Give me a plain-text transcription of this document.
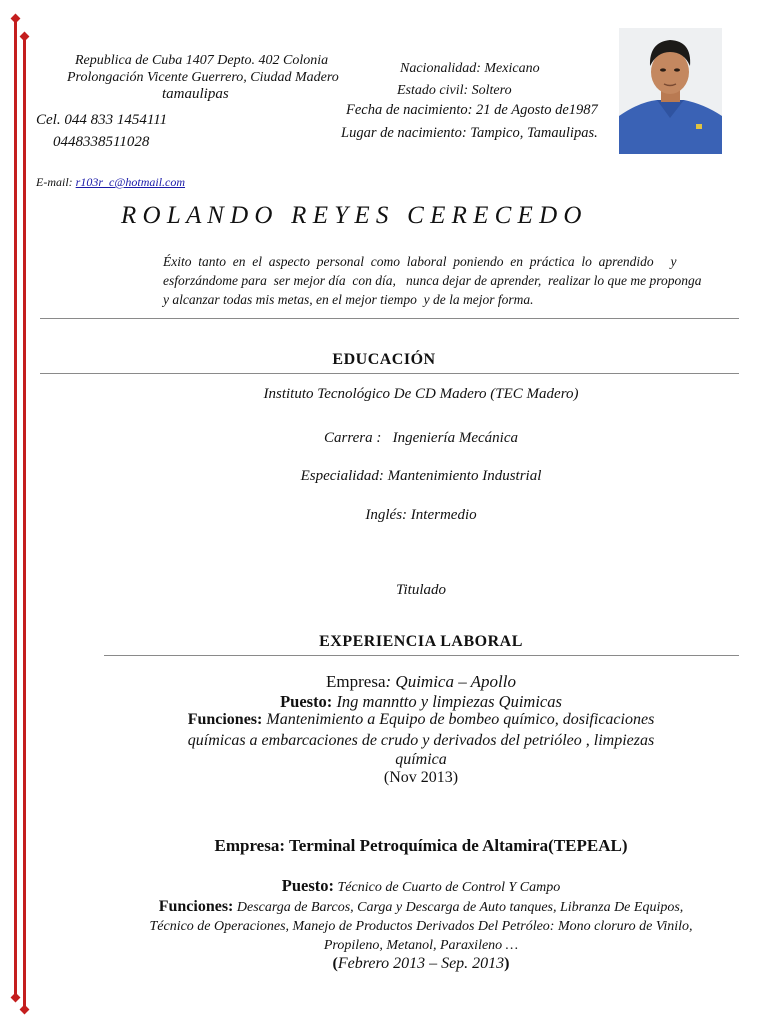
Republica de Cuba 1407 Depto. 402 Colonia
Prolongación Vicente Guerrero, Ciudad Madero
tamaulipas
Cel. 044 833 1454111
0448338511028
E-mail: r103r_c@hotmail.com
Nacionalidad: Mexicano
Estado civil: Soltero
Fecha de nacimiento: 21 de Agosto de1987
Lugar de nacimiento: Tampico, Tamaulipas.
R O L A N D O   R E Y E S   C E R E C E D O
Éxito  tanto  en  el  aspecto  personal  como  laboral  poniendo  en  práctica  lo  aprendido     y
esforzándome para  ser mejor día  con día,   nunca dejar de aprender,  realizar lo que me proponga
y alcanzar todas mis metas, en el mejor tiempo  y de la mejor forma.
EDUCACIÓN
Instituto Tecnológico De CD Madero (TEC Madero)
Carrera :   Ingeniería Mecánica
Especialidad: Mantenimiento Industrial
Inglés: Intermedio
Titulado
EXPERIENCIA LABORAL
Empresa: Quimica – Apollo
Puesto: Ing manntto y limpiezas Quimicas
Funciones: Mantenimiento a Equipo de bombeo químico, dosificaciones
químicas a embarcaciones de crudo y derivados del petrióleo , limpiezas
química
(Nov 2013)
Empresa: Terminal Petroquímica de Altamira(TEPEAL)
Puesto: Técnico de Cuarto de Control Y Campo
Funciones: Descarga de Barcos, Carga y Descarga de Auto tanques, Libranza De Equipos,
Técnico de Operaciones, Manejo de Productos Derivados Del Petróleo: Mono cloruro de Vinilo,
Propileno, Metanol, Paraxileno …
(Febrero 2013 – Sep. 2013)
